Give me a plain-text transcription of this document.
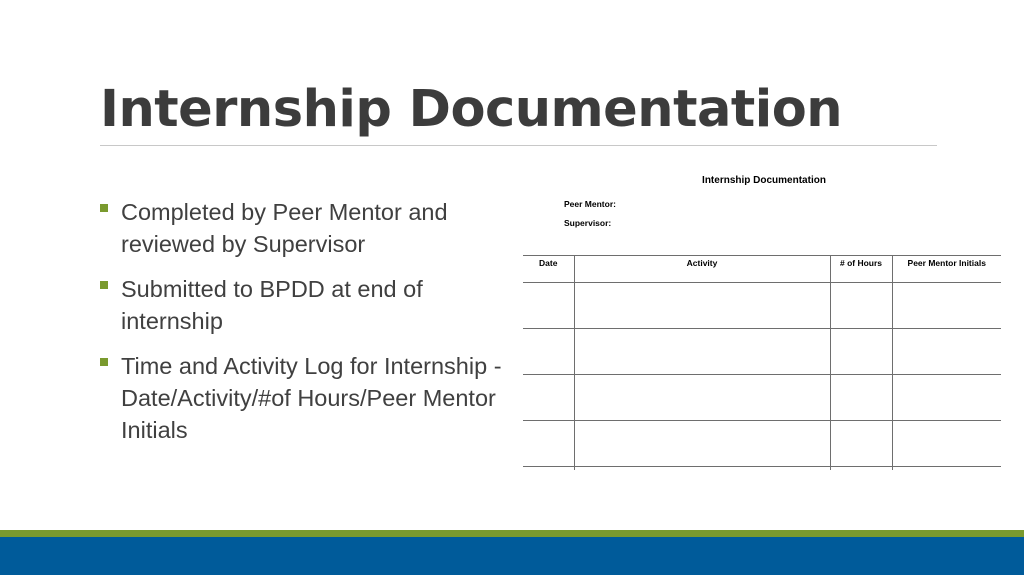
Internship Documentation
Completed by Peer Mentor and reviewed by Supervisor
Submitted to BPDD at end of internship
Time and Activity Log for Internship - Date/Activity/#of Hours/Peer Mentor Initials
Internship Documentation
Peer Mentor:
Supervisor:
Date	Activity	# of Hours	Peer Mentor Initials
